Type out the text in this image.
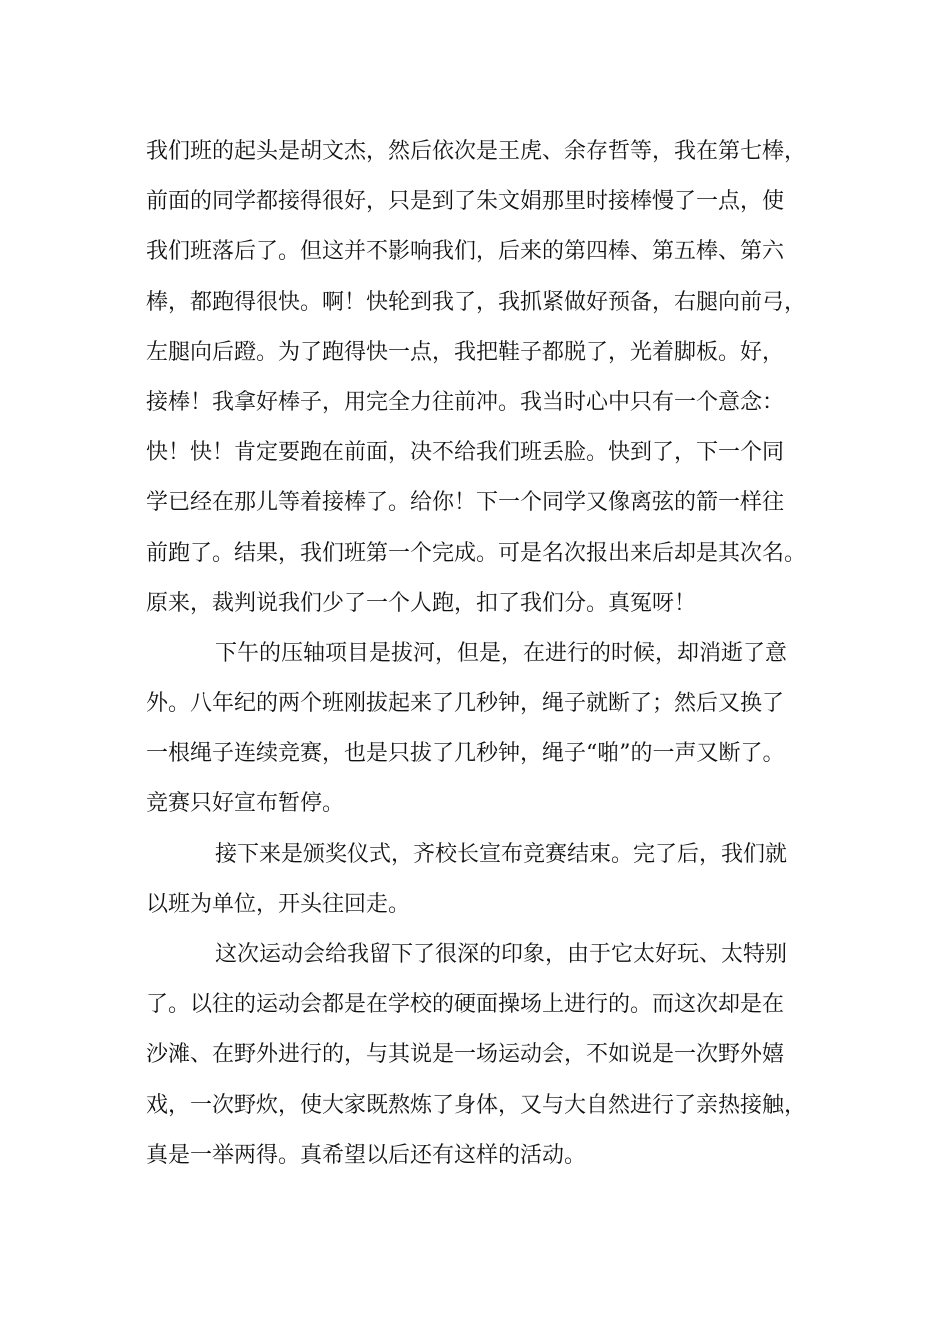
我们班的起头是胡文杰，然后依次是王虎、余存哲等，我在第七棒，
前面的同学都接得很好，只是到了朱文娟那里时接棒慢了一点，使
我们班落后了。但这并不影响我们，后来的第四棒、第五棒、第六
棒，都跑得很快。啊！快轮到我了，我抓紧做好预备，右腿向前弓，
左腿向后蹬。为了跑得快一点，我把鞋子都脱了，光着脚板。好，
接棒！我拿好棒子，用完全力往前冲。我当时心中只有一个意念：
快！快！肯定要跑在前面，决不给我们班丢脸。快到了，下一个同
学已经在那儿等着接棒了。给你！下一个同学又像离弦的箭一样往
前跑了。结果，我们班第一个完成。可是名次报出来后却是其次名。
原来，裁判说我们少了一个人跑，扣了我们分。真冤呀！
下午的压轴项目是拔河，但是，在进行的时候，却消逝了意
外。八年纪的两个班刚拔起来了几秒钟，绳子就断了；然后又换了
一根绳子连续竞赛，也是只拔了几秒钟，绳子“啪”的一声又断了。
竞赛只好宣布暂停。
接下来是颁奖仪式，齐校长宣布竞赛结束。完了后，我们就
以班为单位，开头往回走。
这次运动会给我留下了很深的印象，由于它太好玩、太特别
了。以往的运动会都是在学校的硬面操场上进行的。而这次却是在
沙滩、在野外进行的，与其说是一场运动会，不如说是一次野外嬉
戏，一次野炊，使大家既熬炼了身体，又与大自然进行了亲热接触，
真是一举两得。真希望以后还有这样的活动。
